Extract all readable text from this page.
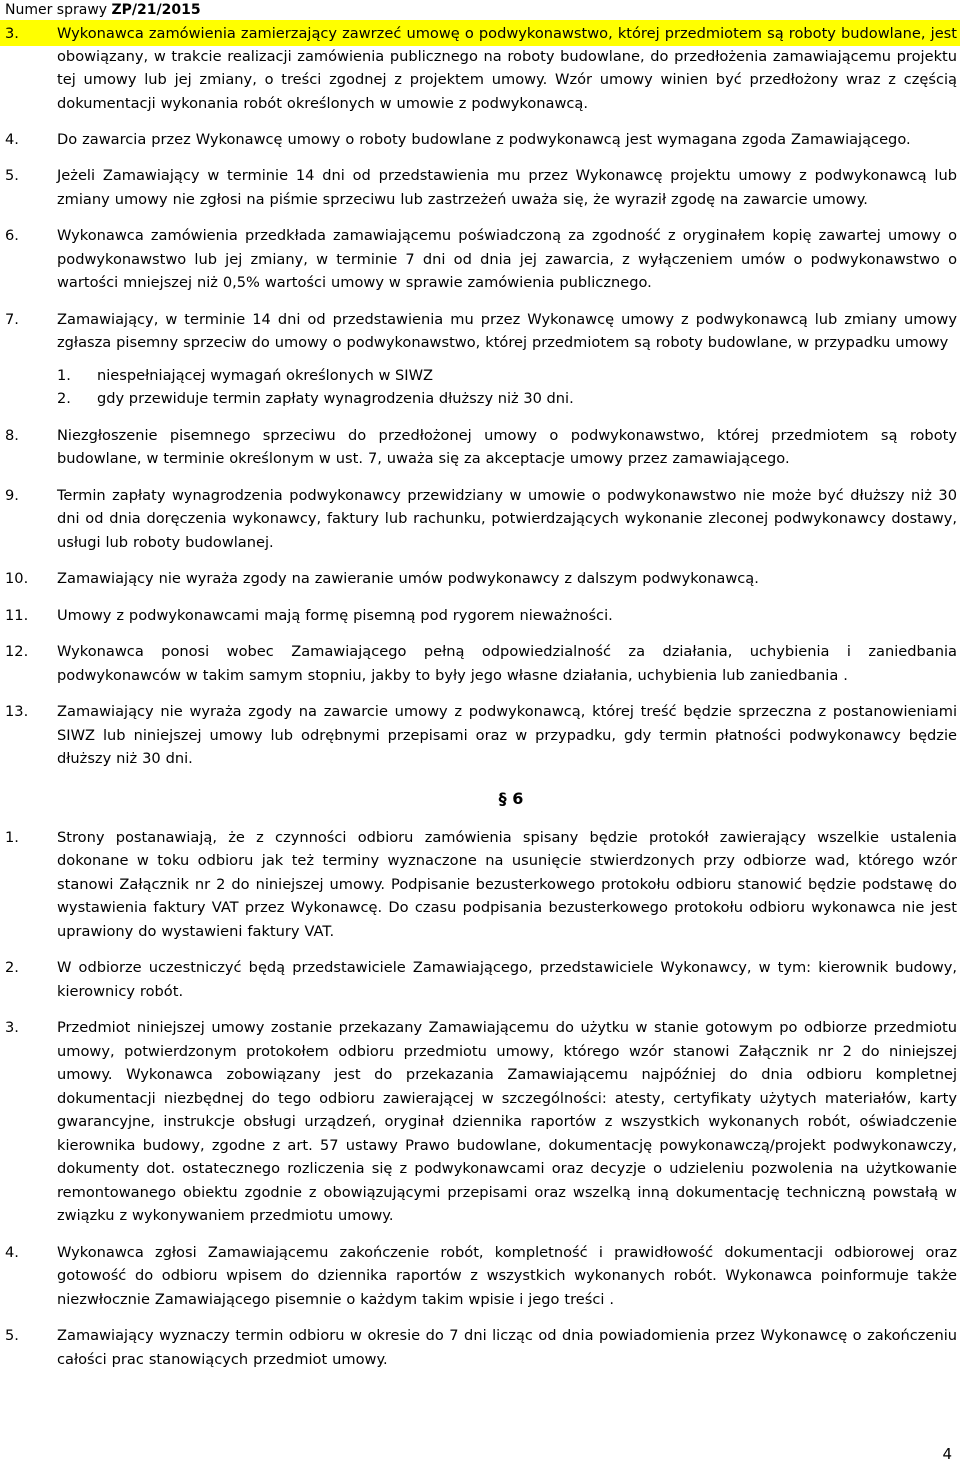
Numer sprawy ZP/21/2015
3.	Wykonawca zamówienia zamierzający zawrzeć umowę o podwykonawstwo, której przedmiotem są roboty budowlane, jest obowiązany, w trakcie realizacji zamówienia publicznego na roboty budowlane, do przedłożenia zamawiającemu projektu tej umowy lub jej zmiany, o treści zgodnej z projektem umowy. Wzór umowy winien być przedłożony wraz z częścią dokumentacji wykonania robót określonych w umowie z podwykonawcą.

4.	Do zawarcia przez Wykonawcę umowy o roboty budowlane z podwykonawcą jest wymagana zgoda Zamawiającego.

5.	Jeżeli Zamawiający w terminie 14 dni od przedstawienia mu przez Wykonawcę projektu umowy z podwykonawcą lub zmiany umowy nie zgłosi na piśmie sprzeciwu lub zastrzeżeń uważa się, że wyraził zgodę na zawarcie umowy.

6.	Wykonawca zamówienia przedkłada zamawiającemu poświadczoną za zgodność z oryginałem kopię zawartej umowy o podwykonawstwo lub jej zmiany, w terminie 7 dni od dnia jej zawarcia, z wyłączeniem umów o podwykonawstwo o wartości mniejszej niż 0,5% wartości umowy w sprawie zamówienia publicznego.

7.	Zamawiający, w terminie 14 dni od przedstawienia mu przez Wykonawcę umowy z podwykonawcą lub zmiany umowy zgłasza pisemny sprzeciw do umowy o podwykonawstwo, której przedmiotem są roboty budowlane, w przypadku umowy

1. niespełniającej wymagań określonych w SIWZ
2. gdy przewiduje termin zapłaty wynagrodzenia dłuższy niż 30 dni.
8.	Niezgłoszenie pisemnego sprzeciwu do przedłożonej umowy o podwykonawstwo, której przedmiotem są roboty budowlane, w terminie określonym w ust. 7, uważa się za akceptacje umowy przez zamawiającego.

9.	Termin zapłaty wynagrodzenia podwykonawcy przewidziany w umowie o podwykonawstwo nie może być dłuższy niż 30 dni od dnia doręczenia wykonawcy, faktury lub rachunku, potwierdzających wykonanie zleconej podwykonawcy dostawy, usługi lub roboty budowlanej.

10. Zamawiający nie wyraża zgody na zawieranie umów podwykonawcy z dalszym podwykonawcą.

11. Umowy z podwykonawcami mają formę pisemną pod rygorem nieważności.

12. Wykonawca ponosi wobec Zamawiającego pełną odpowiedzialność za działania, uchybienia i zaniedbania podwykonawców w takim samym stopniu, jakby to były jego własne działania, uchybienia lub zaniedbania .

13. Zamawiający nie wyraża zgody na zawarcie umowy z podwykonawcą, której treść będzie sprzeczna z postanowieniami SIWZ lub niniejszej umowy lub odrębnymi przepisami oraz w przypadku, gdy termin płatności podwykonawcy będzie dłuższy niż 30 dni.

§ 6
1.	Strony postanawiają, że z czynności odbioru zamówienia spisany będzie protokół zawierający wszelkie ustalenia dokonane w toku odbioru jak też terminy wyznaczone na usunięcie stwierdzonych przy odbiorze wad, którego wzór stanowi Załącznik nr 2 do niniejszej umowy. Podpisanie bezusterkowego protokołu odbioru stanowić będzie podstawę do wystawienia faktury VAT przez Wykonawcę. Do czasu podpisania bezusterkowego protokołu odbioru wykonawca nie jest uprawiony do wystawieni faktury VAT.

2.	W odbiorze uczestniczyć będą przedstawiciele Zamawiającego, przedstawiciele Wykonawcy, w tym: kierownik budowy, kierownicy robót.

3.	Przedmiot niniejszej umowy zostanie przekazany Zamawiającemu do użytku w stanie gotowym po odbiorze przedmiotu umowy, potwierdzonym protokołem odbioru przedmiotu umowy, którego wzór stanowi Załącznik nr 2 do niniejszej umowy. Wykonawca zobowiązany jest do przekazania Zamawiającemu najpóźniej do dnia odbioru kompletnej dokumentacji niezbędnej do tego odbioru zawierającej w szczególności: atesty, certyfikaty użytych materiałów, karty gwarancyjne, instrukcje obsługi urządzeń, oryginał dziennika raportów z wszystkich wykonanych robót, oświadczenie kierownika budowy, zgodne z art. 57 ustawy Prawo budowlane, dokumentację powykonawczą/projekt podwykonawczy, dokumenty dot. ostatecznego rozliczenia się z podwykonawcami oraz decyzje o udzieleniu pozwolenia na użytkowanie remontowanego obiektu zgodnie z obowiązującymi przepisami oraz wszelką inną dokumentację techniczną powstałą w związku z wykonywaniem przedmiotu umowy.

4.	Wykonawca zgłosi Zamawiającemu zakończenie robót, kompletność i prawidłowość dokumentacji odbiorowej oraz gotowość do odbioru wpisem do dziennika raportów z wszystkich wykonanych robót. Wykonawca poinformuje także niezwłocznie Zamawiającego pisemnie o każdym takim wpisie i jego treści .

5.	Zamawiający wyznaczy termin odbioru w okresie do 7 dni licząc od dnia powiadomienia przez Wykonawcę o zakończeniu całości prac stanowiących przedmiot umowy.

4
